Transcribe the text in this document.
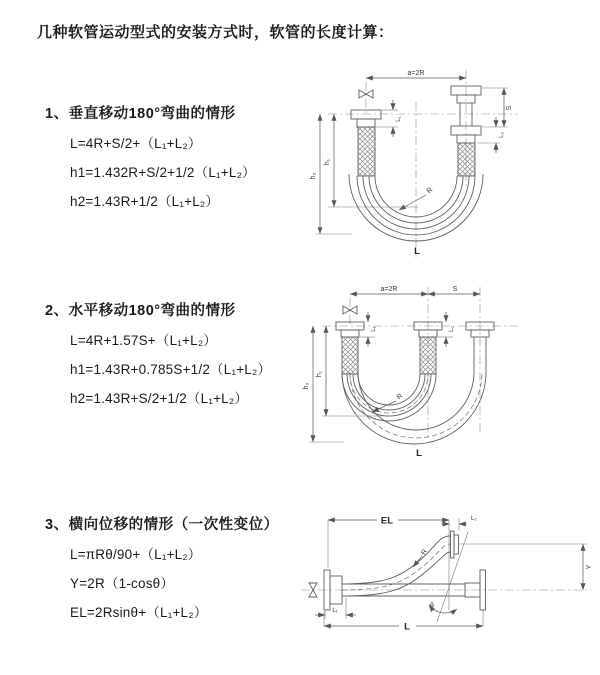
几种软管运动型式的安装方式时，软管的长度计算：
1、垂直移动180°弯曲的情形
L=4R+S/2+（L₁+L₂）
h1=1.432R+S/2+1/2（L₁+L₂）
h2=1.43R+1/2（L₁+L₂）
2、水平移动180°弯曲的情形
L=4R+1.57S+（L₁+L₂）
h1=1.43R+0.785S+1/2（L₁+L₂）
h2=1.43R+S/2+1/2（L₁+L₂）
3、横向位移的情形（一次性变位）
L=πRθ/90+（L₁+L₂）
Y=2R（1-cosθ）
EL=2Rsinθ+（L₁+L₂）
a=2R
h₁
h₂
L₁
S
L₂
R
L
a=2R	S
h₁
h₂
L₁	L₂
R
L
EL	L₂
Y
R
θ
L₁
L
